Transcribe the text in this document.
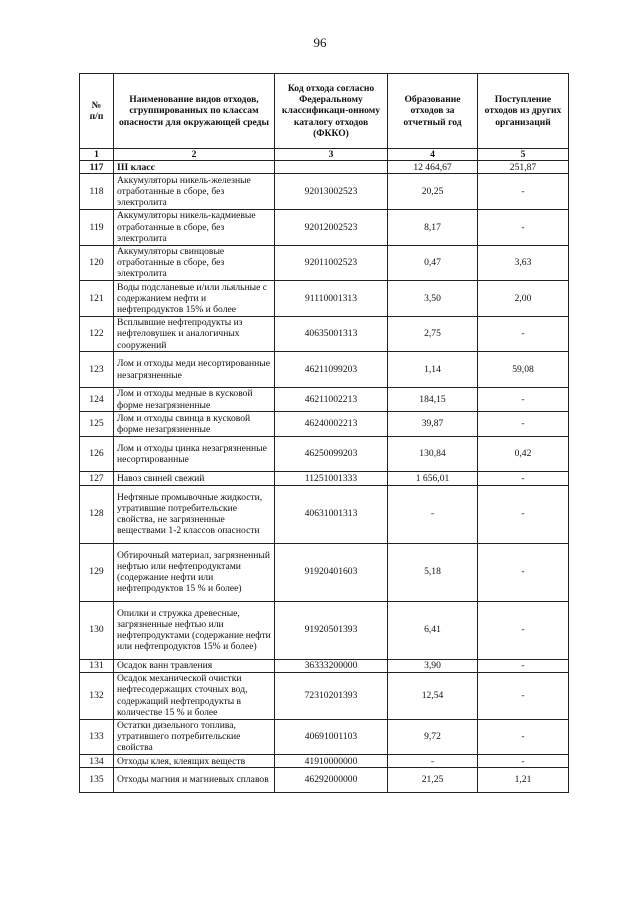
96
№
п/п	Наименование видов отходов, сгруппированных по классам опасности для окружающей среды	Код отхода согласно Федеральному классификаци-онному каталогу отходов (ФККО)	Образование отходов за отчетный год	Поступление отходов из других организаций
1	2	3	4	5
117	III класс		12 464,67	251,87
118	Аккумуляторы никель-железные отработанные в сборе, без электролита	92013002523	20,25	-
119	Аккумуляторы никель-кадмиевые отработанные в сборе, без электролита	92012002523	8,17	-
120	Аккумуляторы свинцовые отработанные в сборе, без электролита	92011002523	0,47	3,63
121	Воды подсланевые и/или льяльные с содержанием нефти и нефтепродуктов 15% и более	91110001313	3,50	2,00
122	Всплывшие нефтепродукты из нефтеловушек и аналогичных сооружений	40635001313	2,75	-
123	Лом и отходы меди несортированные незагрязненные	46211099203	1,14	59,08
124	Лом и отходы медные в кусковой форме незагрязненные	46211002213	184,15	-
125	Лом и отходы свинца в кусковой форме незагрязненные	46240002213	39,87	-
126	Лом и отходы цинка незагрязненные несортированные	46250099203	130,84	0,42
127	Навоз свиней свежий	11251001333	1 656,01	-
128	Нефтяные промывочные жидкости, утратившие потребительские свойства, не загрязненные веществами 1-2 классов опасности	40631001313	-	-
129	Обтирочный материал, загрязненный нефтью или нефтепродуктами (содержание нефти или нефтепродуктов 15 % и более)	91920401603	5,18	-
130	Опилки и стружка древесные, загрязненные нефтью или нефтепродуктами (содержание нефти или нефтепродуктов 15% и более)	91920501393	6,41	-
131	Осадок ванн травления	36333200000	3,90	-
132	Осадок механической очистки нефтесодержащих сточных вод, содержащий нефтепродукты в количестве 15 % и более	72310201393	12,54	-
133	Остатки дизельного топлива, утратившего потребительские свойства	40691001103	9,72	-
134	Отходы клея, клеящих веществ	41910000000	-	-
135	Отходы магния и магниевых сплавов	46292000000	21,25	1,21
